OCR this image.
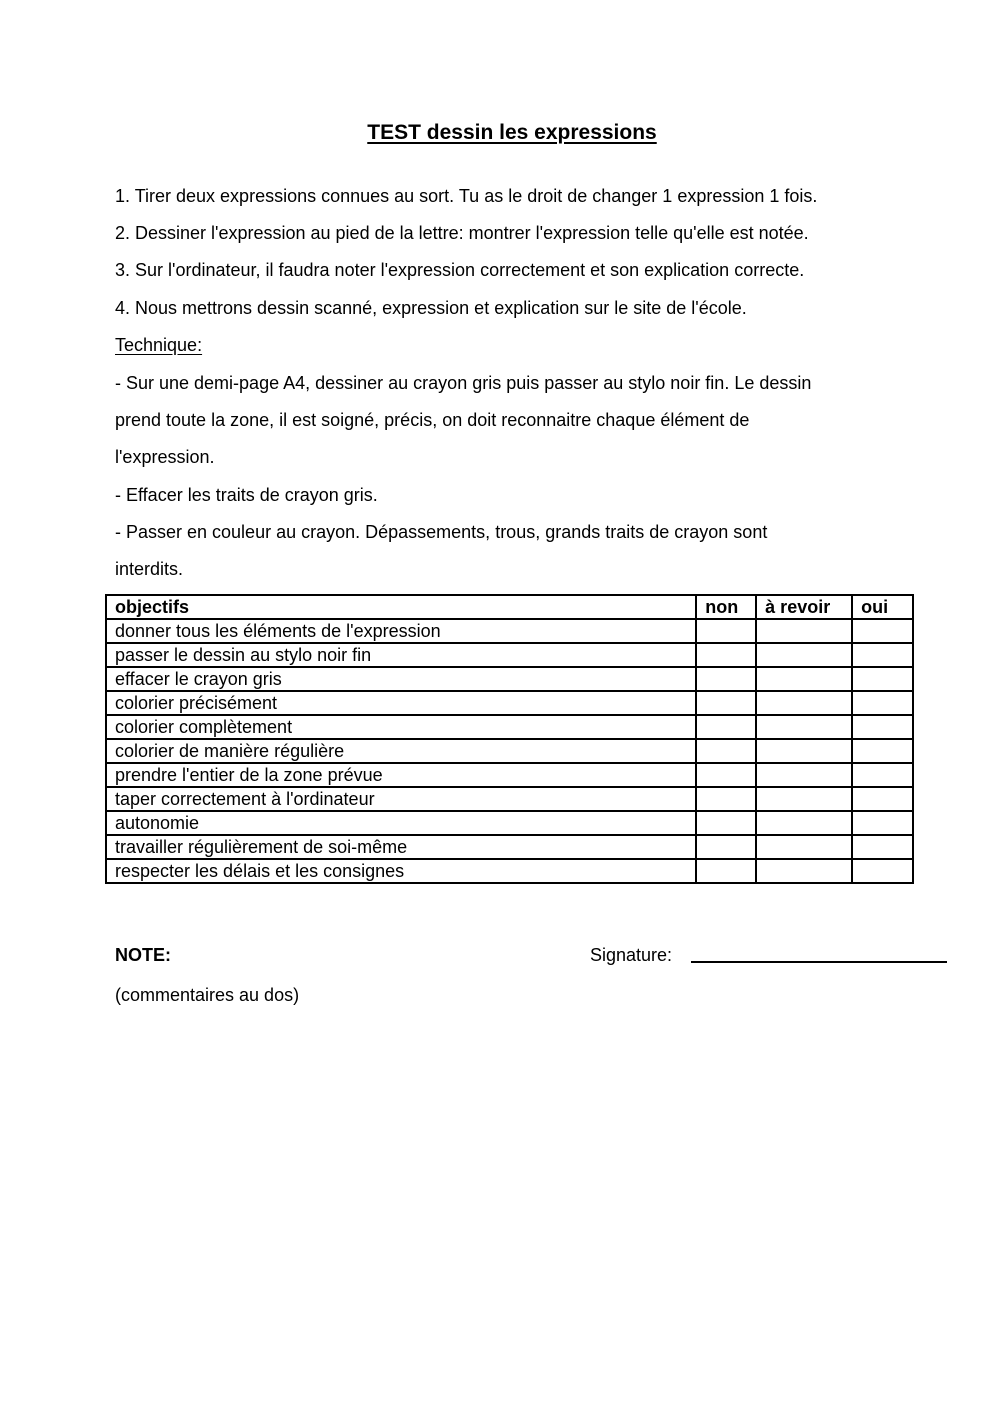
TEST dessin les expressions

1. Tirer deux expressions connues au sort. Tu as le droit de changer 1 expression 1 fois.

2. Dessiner l'expression au pied de la lettre: montrer l'expression telle qu'elle est notée.

3. Sur l'ordinateur, il faudra noter l'expression correctement et son explication correcte.

4. Nous mettrons dessin scanné, expression et explication sur le site de l'école.

Technique:

- Sur une demi-page A4, dessiner au crayon gris puis passer au stylo noir fin. Le dessin

prend toute la zone, il est soigné, précis, on doit reconnaitre chaque élément de

l'expression.

- Effacer les traits de crayon gris.

- Passer en couleur au crayon. Dépassements, trous, grands traits de crayon sont

interdits.

objectifs	non	à revoir	oui
donner tous les éléments de l'expression			
passer le dessin au stylo noir fin			
effacer le crayon gris			
colorier précisément			
colorier complètement			
colorier de manière régulière			
prendre l'entier de la zone prévue			
taper correctement à l'ordinateur			
autonomie			
travailler régulièrement de soi-même			
respecter les délais et les consignes			

NOTE:	Signature:

(commentaires au dos)
